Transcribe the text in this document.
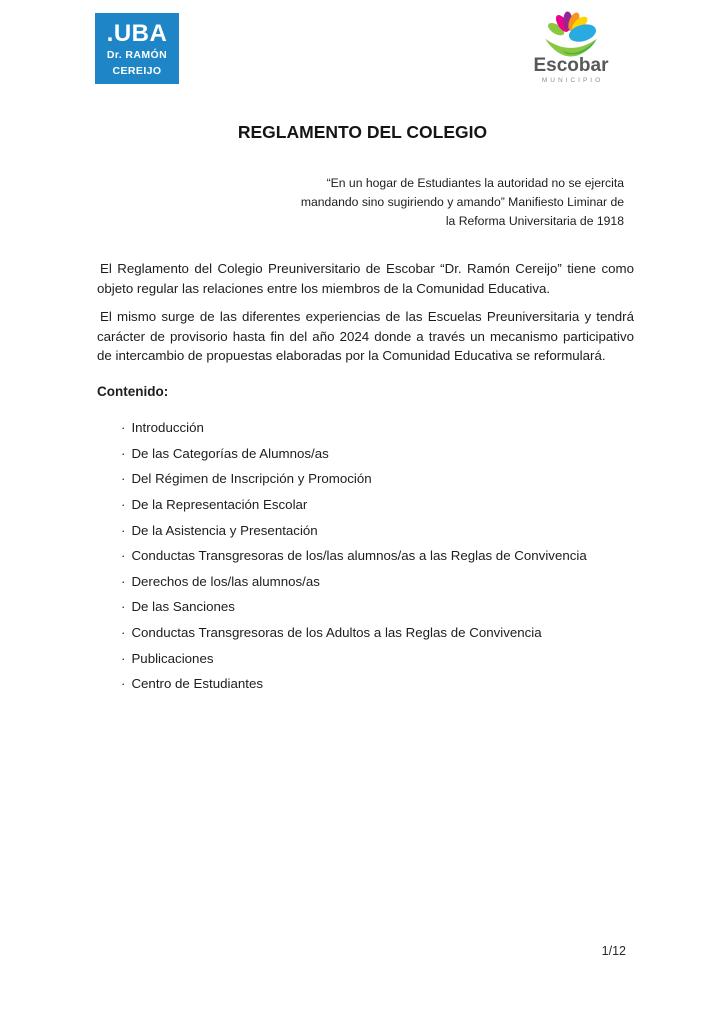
.UBA
Dr. RAMÓN
CEREIJO	Escobar
MUNICIPIO
REGLAMENTO DEL COLEGIO
“En un hogar de Estudiantes la autoridad no se ejercita
mandando sino sugiriendo y amando” Manifiesto Liminar de
la Reforma Universitaria de 1918

El Reglamento del Colegio Preuniversitario de Escobar “Dr. Ramón Cereijo” tiene como objeto regular las relaciones entre los miembros de la Comunidad Educativa.

El mismo surge de las diferentes experiencias de las Escuelas Preuniversitaria y tendrá carácter de provisorio hasta fin del año 2024 donde a través un mecanismo participativo de intercambio de propuestas elaboradas por la Comunidad Educativa se reformulará.

Contenido:
· Introducción
· De las Categorías de Alumnos/as
· Del Régimen de Inscripción y Promoción
· De la Representación Escolar
· De la Asistencia y Presentación
· Conductas Transgresoras de los/las alumnos/as a las Reglas de Convivencia
· Derechos de los/las alumnos/as
· De las Sanciones
· Conductas Transgresoras de los Adultos a las Reglas de Convivencia
· Publicaciones
· Centro de Estudiantes
1/12
